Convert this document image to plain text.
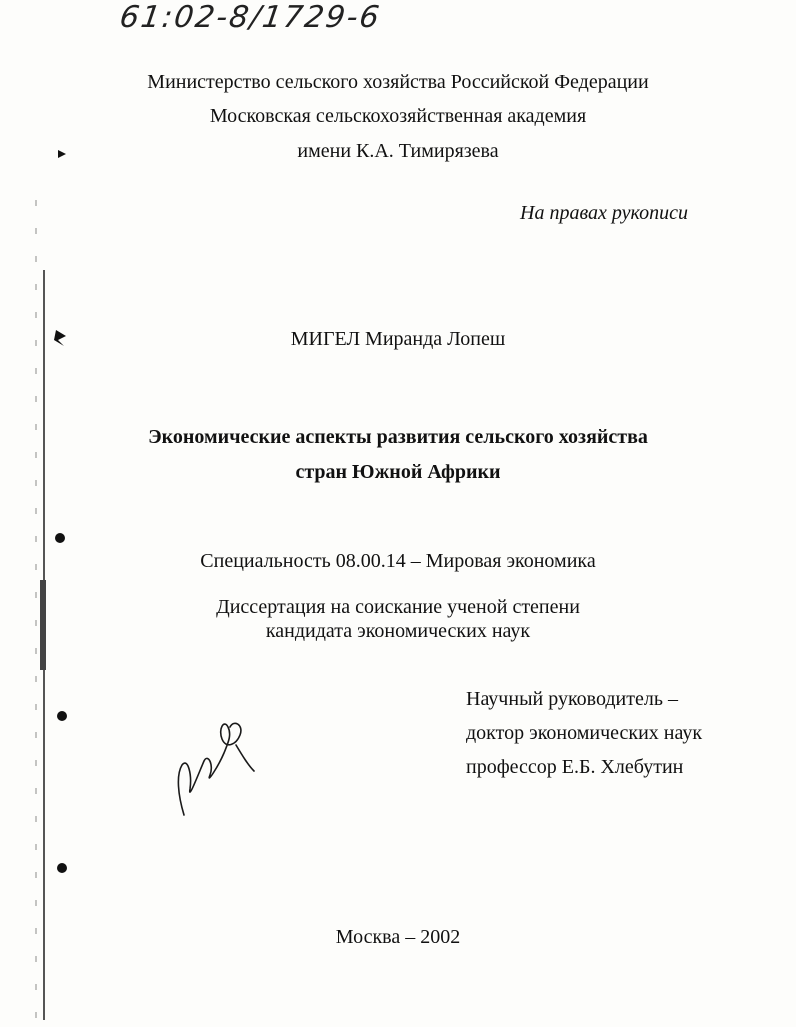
61:02-8/1729-6
Министерство сельского хозяйства Российской Федерации
Московская сельскохозяйственная академия
имени К.А. Тимирязева
На правах рукописи
МИГЕЛ Миранда Лопеш
Экономические аспекты развития сельского хозяйства
стран Южной Африки
Специальность 08.00.14 – Мировая экономика
Диссертация на соискание ученой степени
кандидата экономических наук
Научный руководитель –
доктор экономических наук
профессор Е.Б. Хлебутин
Москва – 2002
